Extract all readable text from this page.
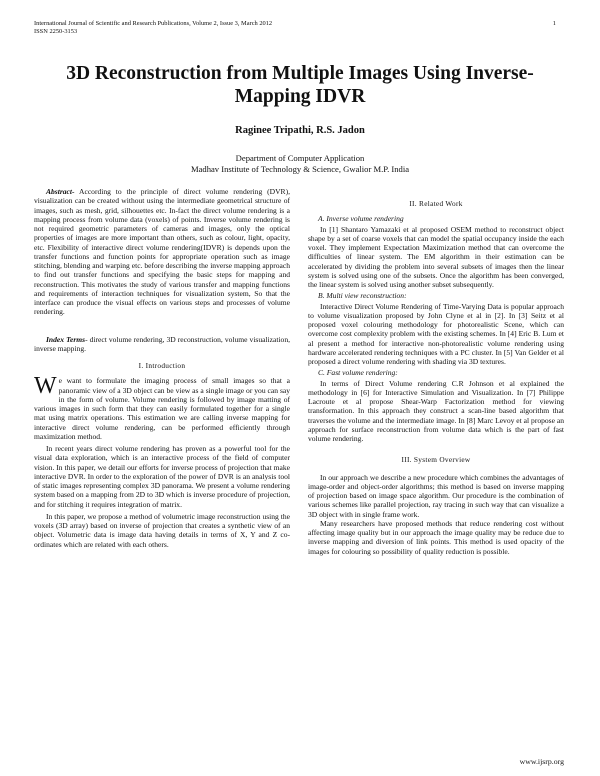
International Journal of Scientific and Research Publications, Volume 2, Issue 3, March 2012
ISSN 2250-3153
1
3D Reconstruction from Multiple Images Using Inverse-Mapping IDVR
Raginee Tripathi, R.S. Jadon
Department of Computer Application
Madhav Institute of Technology & Science, Gwalior M.P. India

Abstract- According to the principle of direct volume rendering (DVR), visualization can be created without using the intermediate geometrical structure of images, such as mesh, grid, silhouettes etc. In-fact the direct volume rendering is a mapping process from volume data (voxels) of points. Inverse volume rendering is not required geometric parameters of cameras and images, only the optical properties of images are more important than others, such as colour, light, opacity, etc. Flexibility of interactive direct volume rendering(IDVR) is depends upon the transfer functions and function points for appropriate operation such as image stitching, blending and warping etc. before describing the inverse mapping approach to find out transfer functions and specifying the basic steps for mapping and reconstruction. This motivates the study of various transfer and mapping functions and requirements of interaction techniques for visualization system, So that the interface can produce the visual effects on various steps and processes of volume rendering.

Index Terms- direct volume rendering, 3D reconstruction, volume visualization, inverse mapping.

I. Introduction

We want to formulate the imaging process of small images so that a panoramic view of a 3D object can be view as a single image or you can say in the form of volume. Volume rendering is followed by image matting of various images in such form that they can easily formulated together for a single mat using matrix operations. This estimation we are calling inverse mapping for interactive direct volume rendering, can be performed efficiently through maximization method.

In recent years direct volume rendering has proven as a powerful tool for the visual data exploration, which is an interactive process of the field of computer vision. In this paper, we detail our efforts for inverse process of projection that make interactive DVR. In order to the exploration of the power of DVR is an analysis tool of static images representing complex 3D panorama. We present a volume rendering system based on a mapping from 2D to 3D which is inverse procedure of projection, and for stitching it requires integration of matrix.

In this paper, we propose a method of volumetric image reconstruction using the voxels (3D array) based on inverse of projection that creates a synthetic view of an object. Volumetric data is image data having details in terms of X, Y and Z co-ordinates which are related with each others.

II. Related Work
A. Inverse volume rendering

In [1] Shantaro Yamazaki et al proposed OSEM method to reconstruct object shape by a set of coarse voxels that can model the spatial occupancy inside the each voxel. They implement Expectation Maximization method that can overcome the difficulties of linear system. The EM algorithm in their estimation can be accelerated by dividing the problem into several subsets of images then the linear system is solved using one of the subsets. Once the algorithm has been converged, the linear system is solved using another subset subsequently.

B. Multi view reconstruction:

Interactive Direct Volume Rendering of Time-Varying Data is popular approach to volume visualization proposed by John Clyne et al in [2]. In [3] Seitz et al proposed voxel colouring methodology for photorealistic Scene, which can overcome cost complexity problem with the existing schemes. In [4] Eric B. Lum et al present a method for interactive non-photorealistic volume rendering using hardware accelerated rendering techniques with a PC cluster. In [5] Van Gelder et al proposed a direct volume rendering with shading via 3D textures.

C. Fast volume rendering:

In terms of Direct Volume rendering C.R Johnson et al explained the methodology in [6] for Interactive Simulation and Visualization. In [7] Philippe Lacroute et al propose Shear-Warp Factorization method for viewing transformation. In this approach they construct a scan-line based algorithm that traverses the volume and the intermediate image. In [8] Marc Levoy et al propose an approach for surface reconstruction from volume data which is the part of fast volume rendering.

III. System Overview

In our approach we describe a new procedure which combines the advantages of image-order and object-order algorithms; this method is based on inverse mapping of projection based on image space algorithm. Our procedure is the combination of various schemes like parallel projection, ray tracing in such way that can visualize a 3D object with in single frame work.

Many researchers have proposed methods that reduce rendering cost without affecting image quality but in our approach the image quality may be reduce due to inverse mapping and diversion of link points. This method is used opacity of the images for colouring so possibility of quality reduction is possible.

www.ijsrp.org
